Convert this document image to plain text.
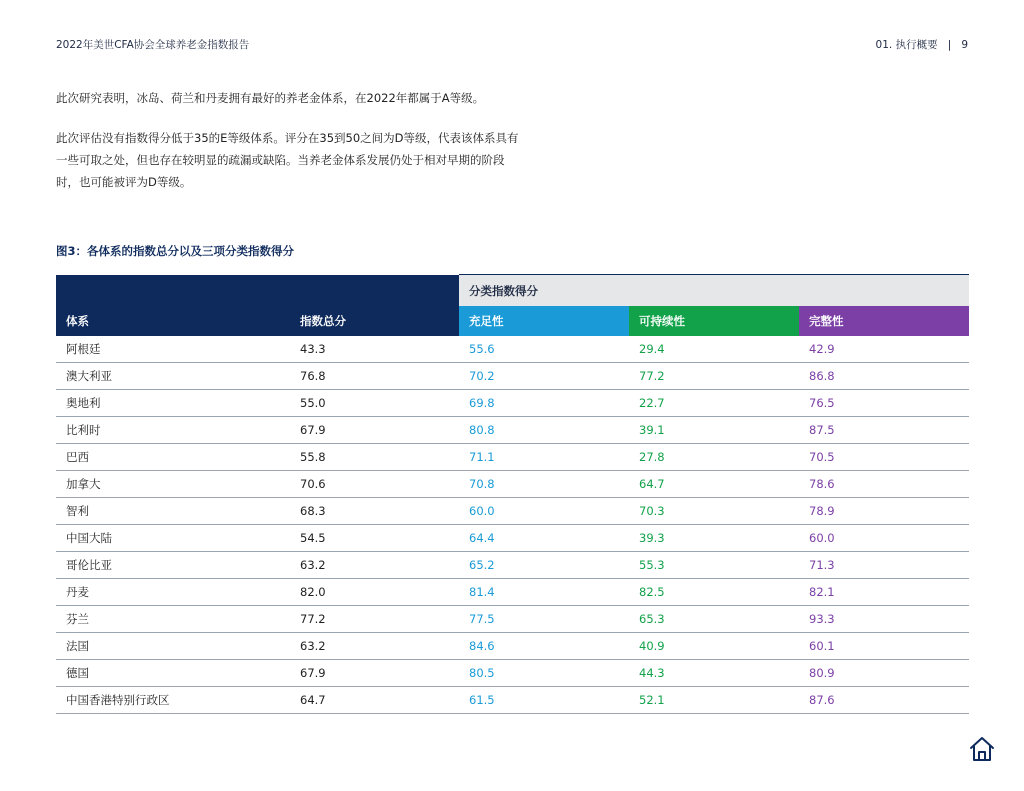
2022年美世CFA协会全球养老金指数报告	01. 执行概要 | 9
此次研究表明，冰岛、荷兰和丹麦拥有最好的养老金体系，在2022年都属于A等级。
此次评估没有指数得分低于35的E等级体系。评分在35到50之间为D等级，代表该体系具有一些可取之处，但也存在较明显的疏漏或缺陷。当养老金体系发展仍处于相对早期的阶段时，也可能被评为D等级。
图3：各体系的指数总分以及三项分类指数得分
		分类指数得分		
体系	指数总分	充足性	可持续性	完整性
阿根廷	43.3	55.6	29.4	42.9
澳大利亚	76.8	70.2	77.2	86.8
奥地利	55.0	69.8	22.7	76.5
比利时	67.9	80.8	39.1	87.5
巴西	55.8	71.1	27.8	70.5
加拿大	70.6	70.8	64.7	78.6
智利	68.3	60.0	70.3	78.9
中国大陆	54.5	64.4	39.3	60.0
哥伦比亚	63.2	65.2	55.3	71.3
丹麦	82.0	81.4	82.5	82.1
芬兰	77.2	77.5	65.3	93.3
法国	63.2	84.6	40.9	60.1
德国	67.9	80.5	44.3	80.9
中国香港特别行政区	64.7	61.5	52.1	87.6
